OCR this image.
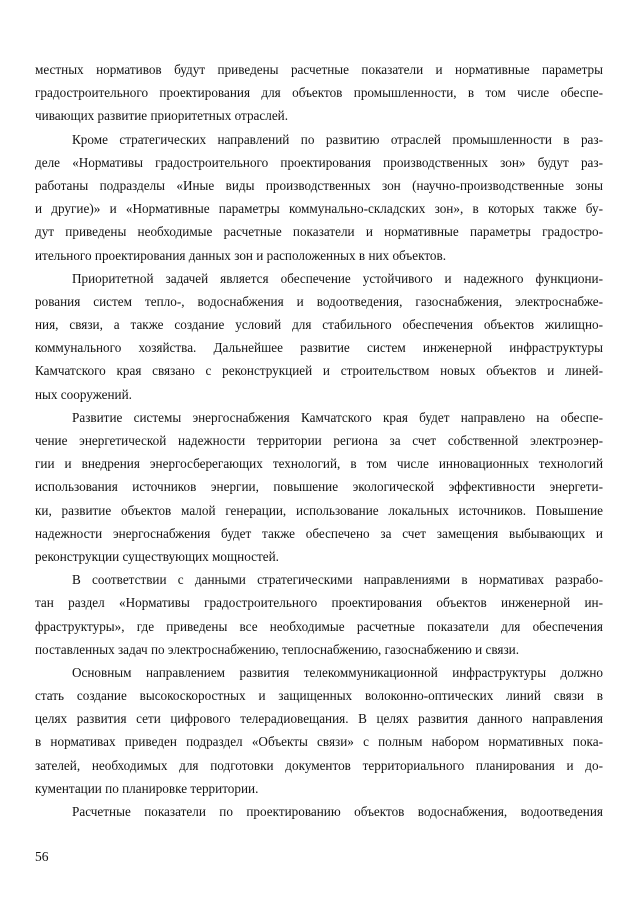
местных нормативов будут приведены расчетные показатели и нормативные параметры
градостроительного проектирования для объектов промышленности, в том числе обеспе-
чивающих развитие приоритетных отраслей.
Кроме стратегических направлений по развитию отраслей промышленности в раз-
деле «Нормативы градостроительного проектирования производственных зон» будут раз-
работаны подразделы «Иные виды производственных зон (научно-производственные зоны
и другие)» и «Нормативные параметры коммунально-складских зон», в которых также бу-
дут приведены необходимые расчетные показатели и нормативные параметры градостро-
ительного проектирования данных зон и расположенных в них объектов.
Приоритетной задачей является обеспечение устойчивого и надежного функциони-
рования систем тепло-, водоснабжения и водоотведения, газоснабжения, электроснабже-
ния, связи, а также создание условий для стабильного обеспечения объектов жилищно-
коммунального хозяйства. Дальнейшее развитие систем инженерной инфраструктуры
Камчатского края связано с реконструкцией и строительством новых объектов и линей-
ных сооружений.
Развитие системы энергоснабжения Камчатского края будет направлено на обеспе-
чение энергетической надежности территории региона за счет собственной электроэнер-
гии и внедрения энергосберегающих технологий, в том числе инновационных технологий
использования источников энергии, повышение экологической эффективности энергети-
ки, развитие объектов малой генерации, использование локальных источников. Повышение
надежности энергоснабжения будет также обеспечено за счет замещения выбывающих и
реконструкции существующих мощностей.
В соответствии с данными стратегическими направлениями в нормативах разрабо-
тан раздел «Нормативы градостроительного проектирования объектов инженерной ин-
фраструктуры», где приведены все необходимые расчетные показатели для обеспечения
поставленных задач по электроснабжению, теплоснабжению, газоснабжению и связи.
Основным направлением развития телекоммуникационной инфраструктуры должно
стать создание высокоскоростных и защищенных волоконно-оптических линий связи в
целях развития сети цифрового телерадиовещания. В целях развития данного направления
в нормативах приведен подраздел «Объекты связи» с полным набором нормативных пока-
зателей, необходимых для подготовки документов территориального планирования и до-
кументации по планировке территории.
Расчетные показатели по проектированию объектов водоснабжения, водоотведения
56
